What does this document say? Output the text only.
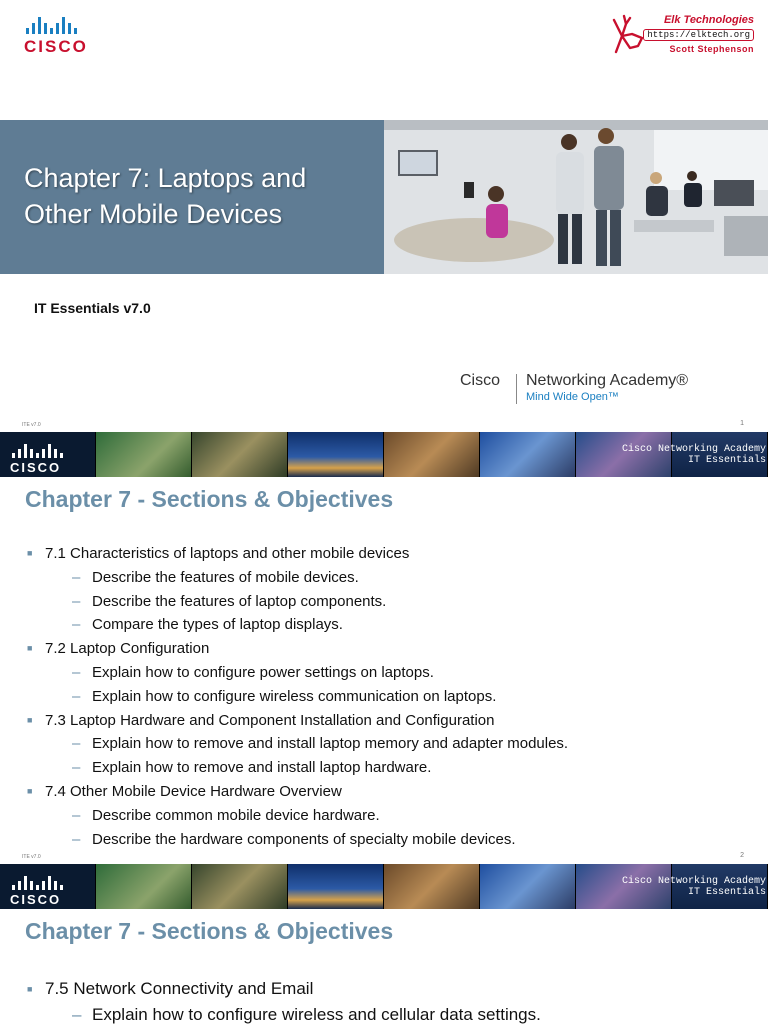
CISCO
Elk Technologies
https://elktech.org
Scott Stephenson
Chapter 7: Laptops and Other Mobile Devices
IT Essentials v7.0
Cisco Networking Academy®
Mind Wide Open™
ITE v7.0	1
CISCO
Cisco Networking Academy
IT Essentials
Chapter 7 - Sections & Objectives
■ 7.1 Characteristics of laptops and other mobile devices
– Describe the features of mobile devices.
– Describe the features of laptop components.
– Compare the types of laptop displays.
■ 7.2 Laptop Configuration
– Explain how to configure power settings on laptops.
– Explain how to configure wireless communication on laptops.
■ 7.3 Laptop Hardware and Component Installation and Configuration
– Explain how to remove and install laptop memory and adapter modules.
– Explain how to remove and install laptop hardware.
■ 7.4 Other Mobile Device Hardware Overview
– Describe common mobile device hardware.
– Describe the hardware components of specialty mobile devices.
ITE v7.0	2
CISCO
Cisco Networking Academy
IT Essentials
Chapter 7 - Sections & Objectives
■ 7.5 Network Connectivity and Email
– Explain how to configure wireless and cellular data settings.
